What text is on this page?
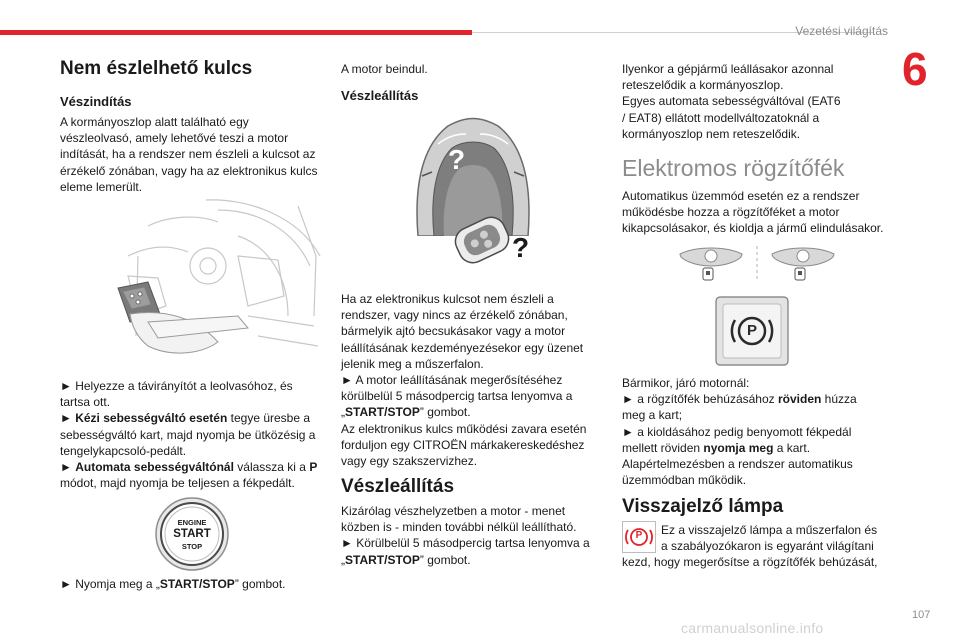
Vezetési világítás
6
107
carmanualsonline.info
Nem észlelhető kulcs
Vészindítás
A kormányoszlop alatt található egy
vészleolvasó, amely lehetővé teszi a motor
indítását, ha a rendszer nem észleli a kulcsot az
érzékelő zónában, vagy ha az elektronikus kulcs
eleme lemerült.
► Helyezze a távirányítót a leolvasóhoz, és
tartsa ott.
► Kézi sebességváltó esetén tegye üresbe a
sebességváltó kart, majd nyomja be ütközésig a
tengelykapcsoló-pedált.
► Automata sebességváltónál válassza ki a P
módot, majd nyomja be teljesen a fékpedált.
ENGINE
START
STOP
► Nyomja meg a „START/STOP” gombot.
A motor beindul.
Vészleállítás
?
?
Ha az elektronikus kulcsot nem észleli a
rendszer, vagy nincs az érzékelő zónában,
bármelyik ajtó becsukásakor vagy a motor
leállításának kezdeményezésekor egy üzenet
jelenik meg a műszerfalon.
► A motor leállításának megerősítéséhez
körülbelül 5 másodpercig tartsa lenyomva a
„START/STOP” gombot.
Az elektronikus kulcs működési zavara esetén
forduljon egy CITROËN márkakereskedéshez
vagy egy szakszervizhez.
Vészleállítás
Kizárólag vészhelyzetben a motor - menet
közben is - minden további nélkül leállítható.
► Körülbelül 5 másodpercig tartsa lenyomva a
„START/STOP” gombot.
Ilyenkor a gépjármű leállásakor azonnal
reteszelődik a kormányoszlop.
Egyes automata sebességváltóval (EAT6
/ EAT8) ellátott modellváltozatoknál a
kormányoszlop nem reteszelődik.
Elektromos rögzítőfék
Automatikus üzemmód esetén ez a rendszer
működésbe hozza a rögzítőféket a motor
kikapcsolásakor, és kioldja a jármű elindulásakor.
P
Bármikor, járó motornál:
► a rögzítőfék behúzásához röviden húzza
meg a kart;
► a kioldásához pedig benyomott fékpedál
mellett röviden nyomja meg a kart.
Alapértelmezésben a rendszer automatikus
üzemmódban működik.
Visszajelző lámpa
P	Ez a visszajelző lámpa a műszerfalon és
a szabályozókaron is egyaránt világítani
kezd, hogy megerősítse a rögzítőfék behúzását,
